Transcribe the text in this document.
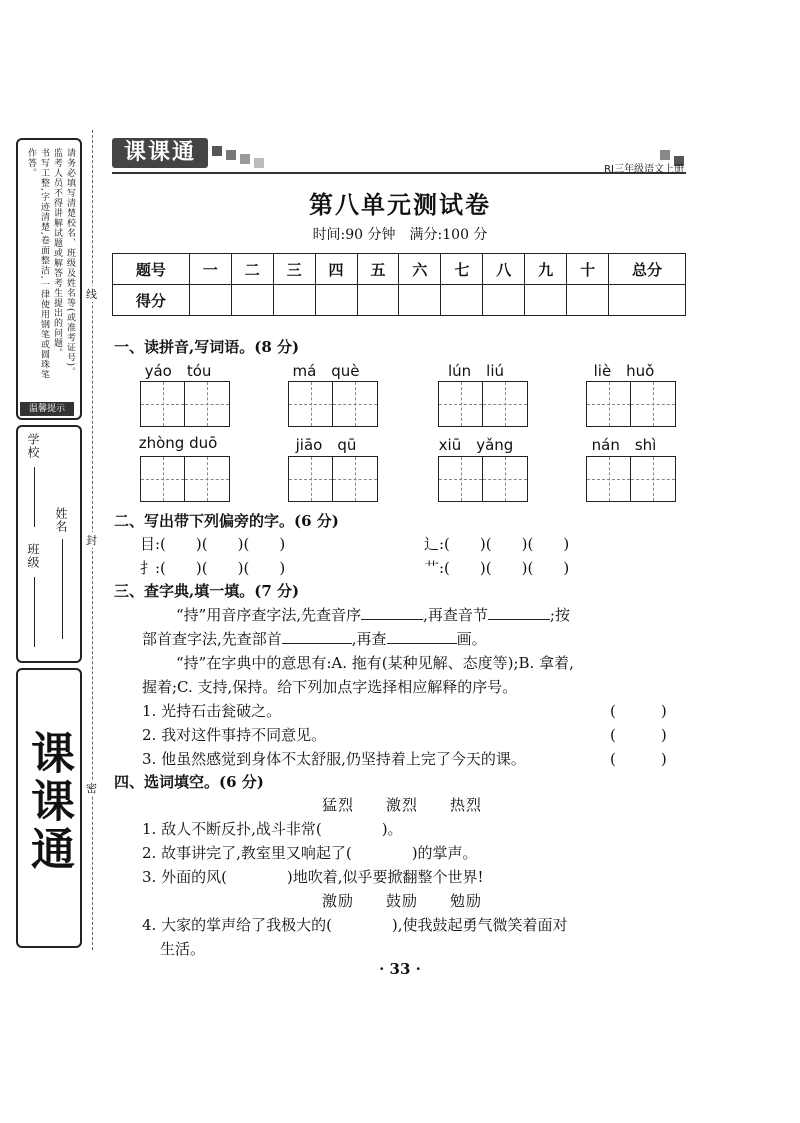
请务必填写清楚校名、班级及姓名等(或准考证号)。
监考人员不得讲解试题或解答考生提出的问题。
书写工整,字迹清楚,卷面整洁,一律使用钢笔或圆珠笔作答。
温馨提示
学校
班级
姓名
课课通
线
封
密
课课通
RJ三年级语文上册
第八单元测试卷
时间:90 分钟　满分:100 分
题号	一	二	三	四	五	六	七	八	九	十	总分
得分											
一、读拼音,写词语。(8 分)
yáo　tóu	má　què	lún　liú	liè　huǒ
zhòng duō	jiāo　qū	xiū　yǎng	nán　shì
二、写出带下列偏旁的字。(6 分)
目:(　　)(　　)(　　)	辶:(　　)(　　)(　　)
扌:(　　)(　　)(　　)	艹:(　　)(　　)(　　)
三、查字典,填一填。(7 分)
“持”用音序查字法,先查音序	,再查音节	;按
部首查字法,先查部首	,再查	画。
“持”在字典中的意思有:A. 拖有(某种见解、态度等);B. 拿着,
握着;C. 支持,保持。给下列加点字选择相应解释的序号。
1. 光持石击瓮破之。	(　　　)
2. 我对这件事持不同意见。	(　　　)
3. 他虽然感觉到身体不太舒服,仍坚持着上完了今天的课。	(　　　)
四、选词填空。(6 分)
猛烈　　激烈　　热烈
1. 敌人不断反扑,战斗非常(　　　　)。
2. 故事讲完了,教室里又响起了(　　　　)的掌声。
3. 外面的风(　　　　)地吹着,似乎要掀翻整个世界!
激励　　鼓励　　勉励
4. 大家的掌声给了我极大的(　　　　),使我鼓起勇气微笑着面对
生活。
· 33 ·
